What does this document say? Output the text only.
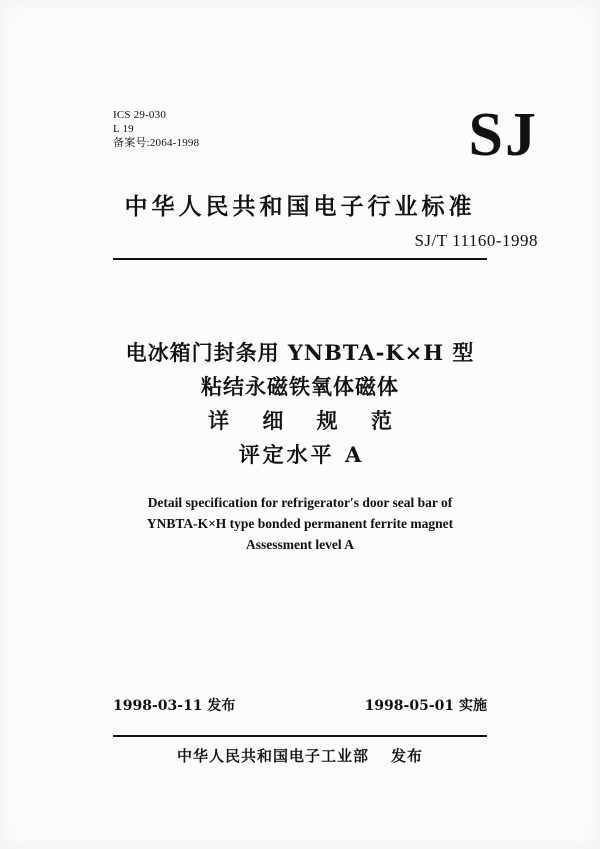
ICS 29-030
L 19
备案号:2064-1998	SJ
中华人民共和国电子行业标准
SJ/T 11160-1998
电冰箱门封条用 YNBTA-K×H 型
粘结永磁铁氧体磁体
详 细 规 范
评定水平 A
Detail specification for refrigerator′s door seal bar of
YNBTA-K×H type bonded permanent ferrite magnet
Assessment level A
1998-03-11 发布	1998-05-01 实施
中华人民共和国电子工业部 发布
